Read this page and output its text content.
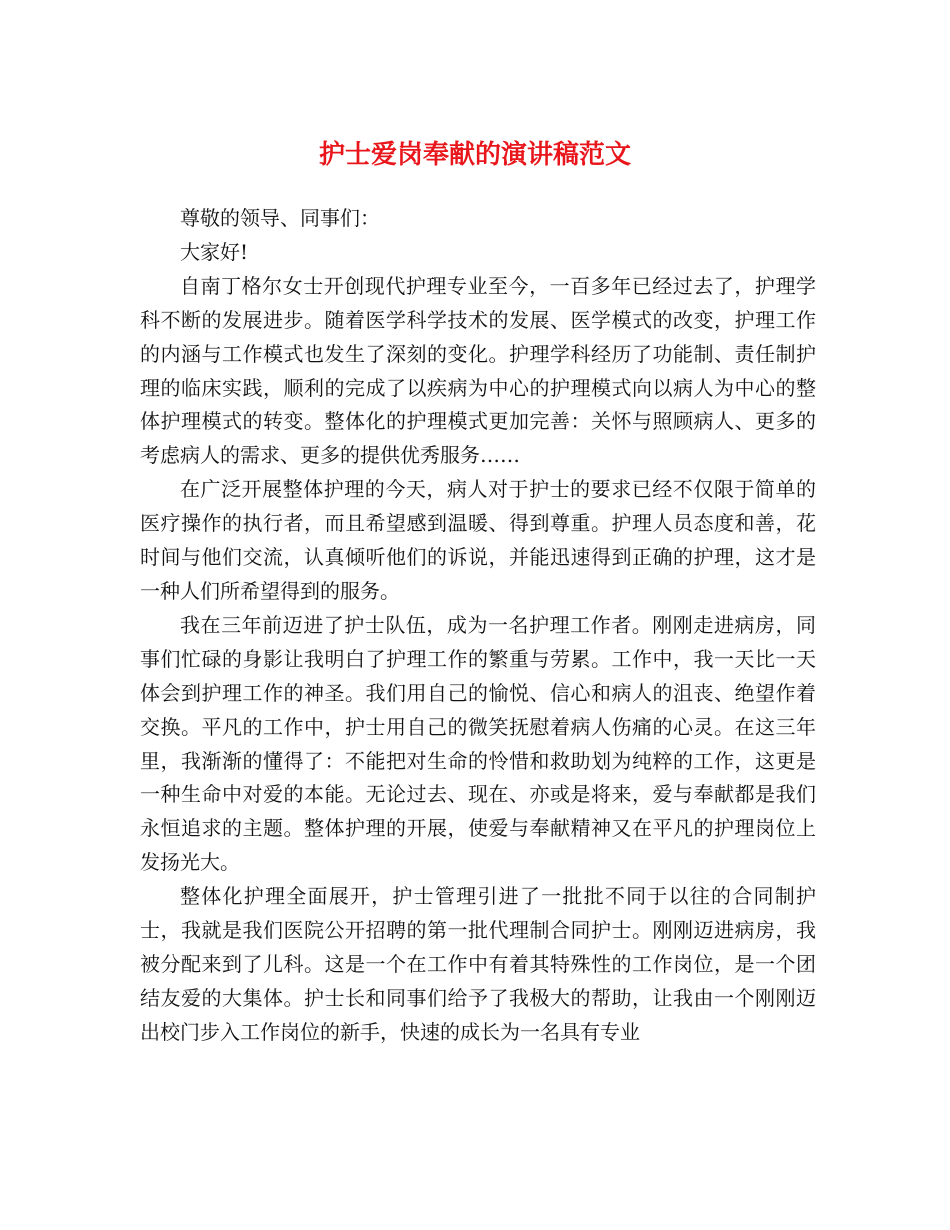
护士爱岗奉献的演讲稿范文

尊敬的领导、同事们：

大家好!

自南丁格尔女士开创现代护理专业至今，一百多年已经过去了，护理学科不断的发展进步。随着医学科学技术的发展、医学模式的改变，护理工作的内涵与工作模式也发生了深刻的变化。护理学科经历了功能制、责任制护理的临床实践，顺利的完成了以疾病为中心的护理模式向以病人为中心的整体护理模式的转变。整体化的护理模式更加完善：关怀与照顾病人、更多的考虑病人的需求、更多的提供优秀服务……

在广泛开展整体护理的今天，病人对于护士的要求已经不仅限于简单的医疗操作的执行者，而且希望感到温暖、得到尊重。护理人员态度和善，花时间与他们交流，认真倾听他们的诉说，并能迅速得到正确的护理，这才是一种人们所希望得到的服务。

我在三年前迈进了护士队伍，成为一名护理工作者。刚刚走进病房，同事们忙碌的身影让我明白了护理工作的繁重与劳累。工作中，我一天比一天体会到护理工作的神圣。我们用自己的愉悦、信心和病人的沮丧、绝望作着交换。平凡的工作中，护士用自己的微笑抚慰着病人伤痛的心灵。在这三年里，我渐渐的懂得了：不能把对生命的怜惜和救助划为纯粹的工作，这更是一种生命中对爱的本能。无论过去、现在、亦或是将来，爱与奉献都是我们永恒追求的主题。整体护理的开展，使爱与奉献精神又在平凡的护理岗位上发扬光大。

整体化护理全面展开，护士管理引进了一批批不同于以往的合同制护士，我就是我们医院公开招聘的第一批代理制合同护士。刚刚迈进病房，我被分配来到了儿科。这是一个在工作中有着其特殊性的工作岗位，是一个团结友爱的大集体。护士长和同事们给予了我极大的帮助，让我由一个刚刚迈出校门步入工作岗位的新手，快速的成长为一名具有专业
